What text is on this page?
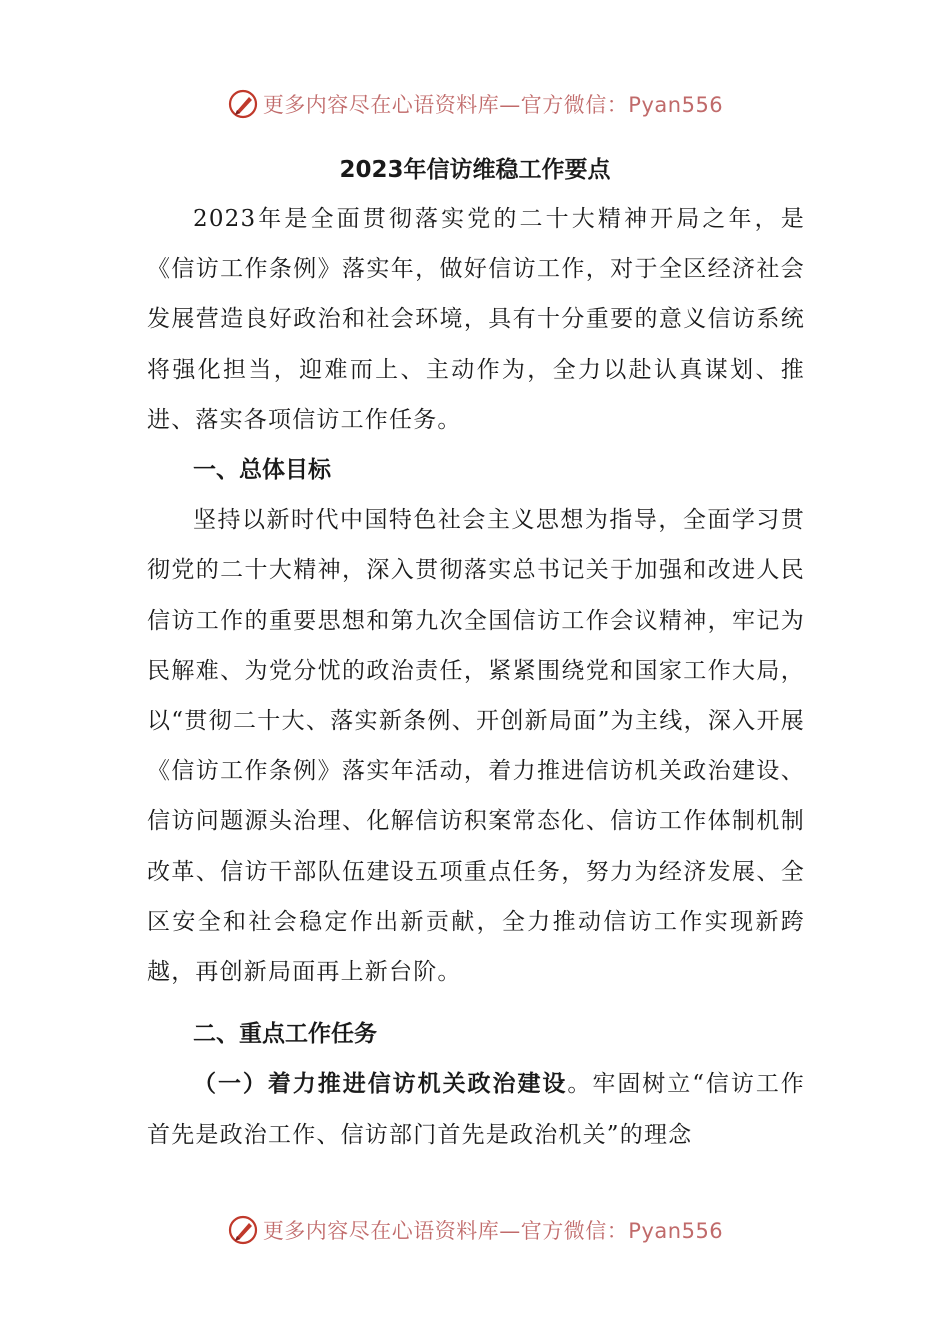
更多内容尽在心语资料库—官方微信：Pyan556
2023年信访维稳工作要点

2023年是全面贯彻落实党的二十大精神开局之年，是《信访工作条例》落实年，做好信访工作，对于全区经济社会发展营造良好政治和社会环境，具有十分重要的意义信访系统将强化担当，迎难而上、主动作为，全力以赴认真谋划、推进、落实各项信访工作任务。

一、总体目标

坚持以新时代中国特色社会主义思想为指导，全面学习贯彻党的二十大精神，深入贯彻落实总书记关于加强和改进人民信访工作的重要思想和第九次全国信访工作会议精神，牢记为民解难、为党分忧的政治责任，紧紧围绕党和国家工作大局，以“贯彻二十大、落实新条例、开创新局面”为主线，深入开展《信访工作条例》落实年活动，着力推进信访机关政治建设、信访问题源头治理、化解信访积案常态化、信访工作体制机制改革、信访干部队伍建设五项重点任务，努力为经济发展、全区安全和社会稳定作出新贡献，全力推动信访工作实现新跨越，再创新局面再上新台阶。

二、重点工作任务

（一）着力推进信访机关政治建设。牢固树立“信访工作首先是政治工作、信访部门首先是政治机关”的理念

更多内容尽在心语资料库—官方微信：Pyan556
